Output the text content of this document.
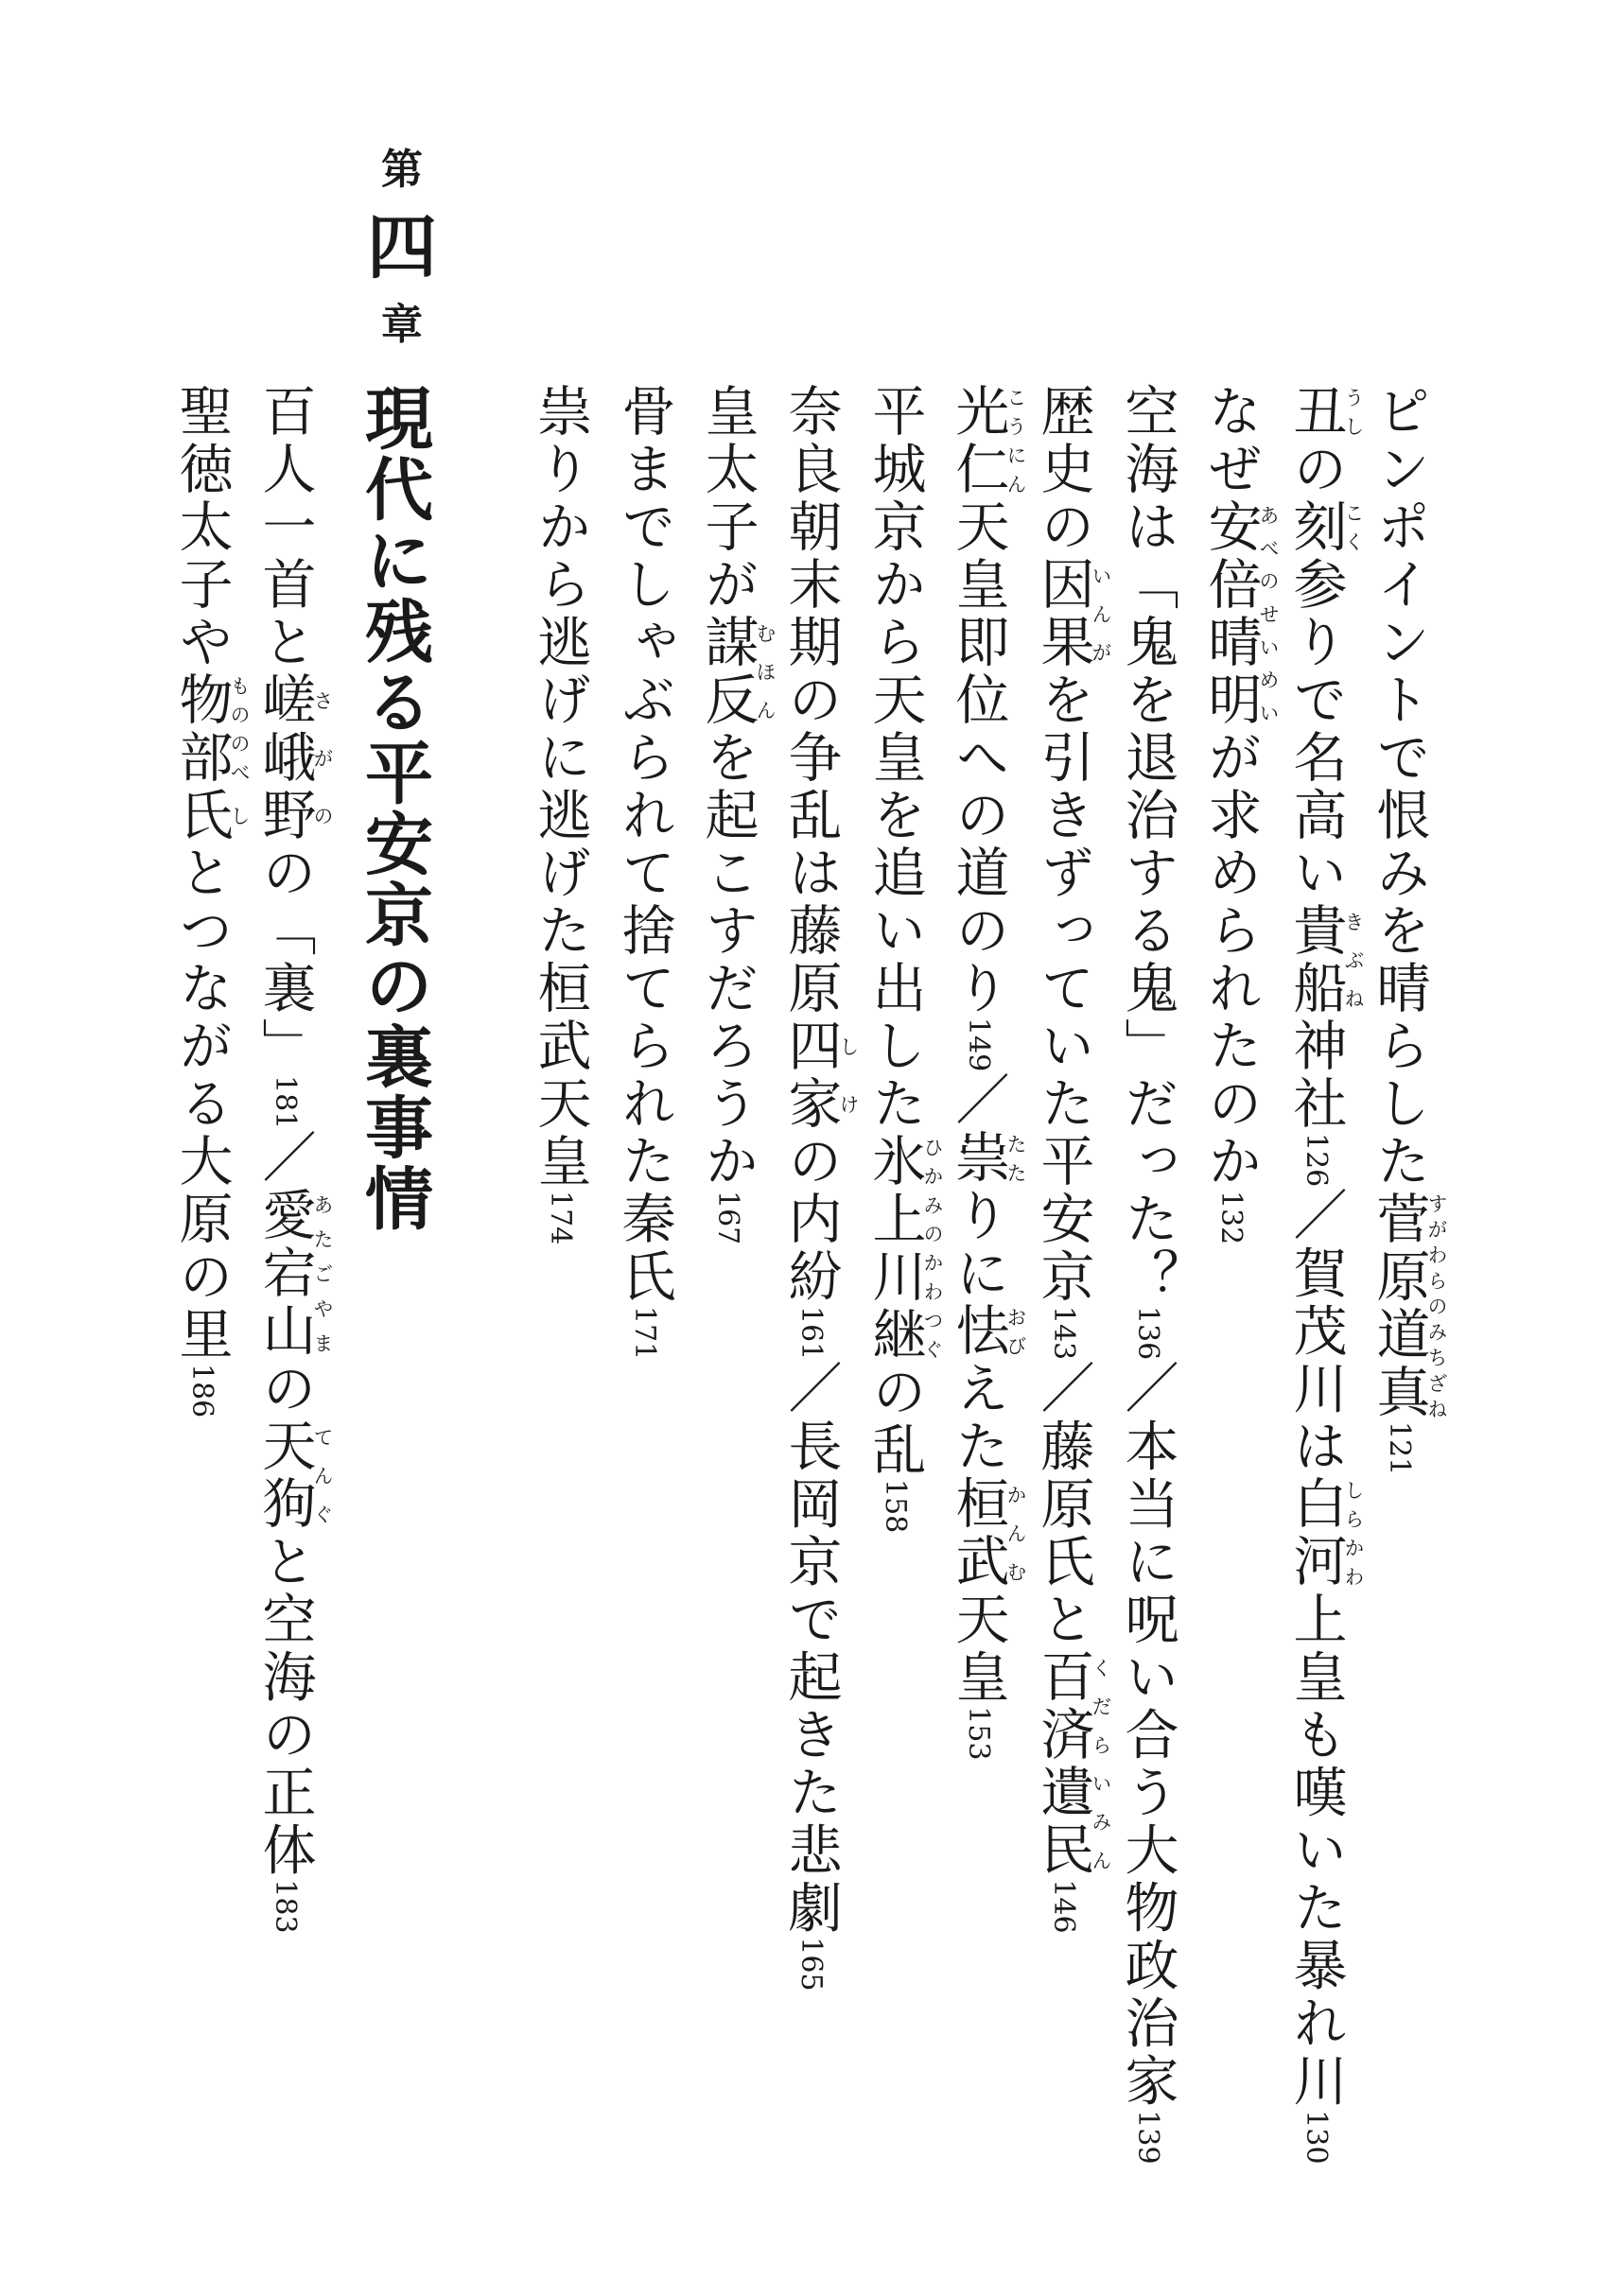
ピンポイントで恨みを晴らした菅原道真すがわらのみちざね121
丑うしの刻こく参りで名高い貴船きぶね神社126／賀茂川は白河しらかわ上皇も嘆いた暴れ川130
なぜ安倍晴明あべのせいめいが求められたのか132
空海は「鬼を退治する鬼」だった？136／本当に呪い合う大物政治家139
歴史の因果いんがを引きずっていた平安京143／藤原氏と百済くだら遺民いみん146
光仁こうにん天皇即位への道のり149／祟たたりに怯おびえた桓武かんむ天皇153
平城京から天皇を追い出した氷上川継ひかみのかわつぐの乱158
奈良朝末期の争乱は藤原四家しけの内紛161／長岡京で起きた悲劇165
皇太子が謀反むほんを起こすだろうか167
骨までしゃぶられて捨てられた秦氏171
祟りから逃げに逃げた桓武天皇174
第
四
章
現代に残る平安京の裏事情
百人一首と嵯峨野さがのの「裏」181／愛宕山あたごやまの天狗てんぐと空海の正体183
聖徳太子や物部もののべ氏しとつながる大原の里186
